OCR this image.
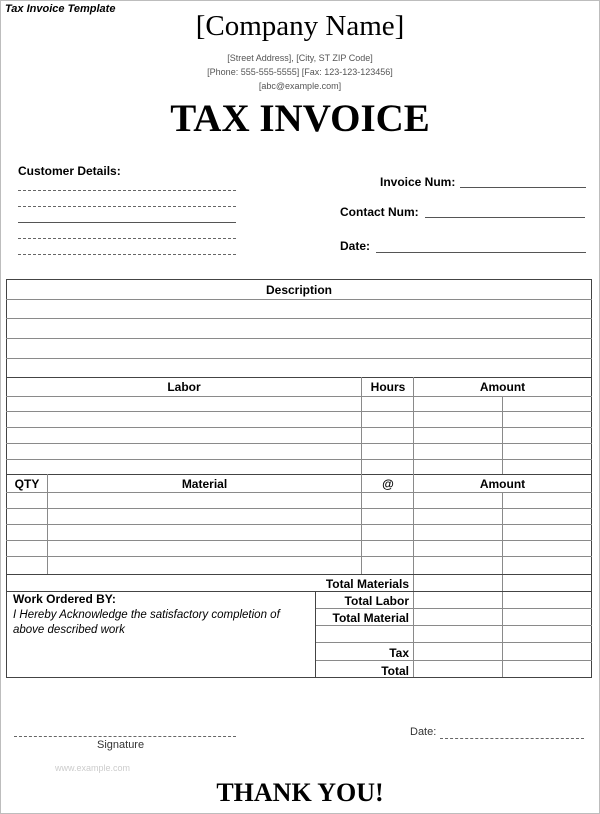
Tax Invoice Template
[Company Name]
[Street Address], [City, ST ZIP Code]
[Phone: 555-555-5555] [Fax: 123-123-123456]
[abc@example.com]
TAX INVOICE
Customer Details:
Invoice Num:
Contact Num:
Date:
Description
Labor	Hours	Amount
QTY	Material	@	Amount
Total Materials
Work Ordered BY:	Total Labor
Total Material
Tax
Total
I Hereby Acknowledge the satisfactory completion of above described work
Signature
Date:
www.example.com
THANK YOU!
